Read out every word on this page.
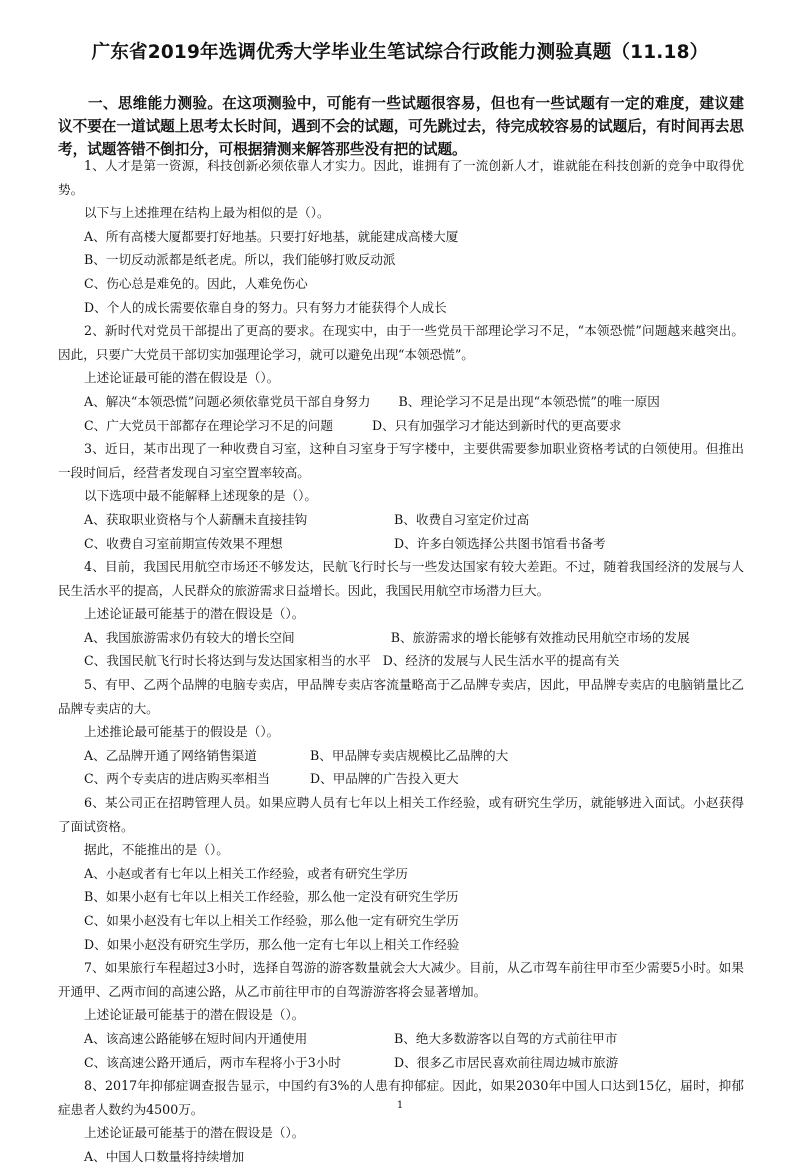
广东省2019年选调优秀大学毕业生笔试综合行政能力测验真题（11.18）

一、思维能力测验。在这项测验中，可能有一些试题很容易，但也有一些试题有一定的难度，建议建议不要在一道试题上思考太长时间，遇到不会的试题，可先跳过去，待完成较容易的试题后，有时间再去思考，试题答错不倒扣分，可根据猜测来解答那些没有把的试题。

1、人才是第一资源，科技创新必须依靠人才实力。因此，谁拥有了一流创新人才，谁就能在科技创新的竞争中取得优势。

以下与上述推理在结构上最为相似的是（）。

A、所有高楼大厦都要打好地基。只要打好地基，就能建成高楼大厦

B、一切反动派都是纸老虎。所以，我们能够打败反动派

C、伤心总是难免的。因此，人难免伤心

D、个人的成长需要依靠自身的努力。只有努力才能获得个人成长

2、新时代对党员干部提出了更高的要求。在现实中，由于一些党员干部理论学习不足，“本领恐慌”问题越来越突出。因此，只要广大党员干部切实加强理论学习，就可以避免出现“本领恐慌”。

上述论证最可能的潜在假设是（）。

A、解决“本领恐慌”问题必须依靠党员干部自身努力 B、理论学习不足是出现“本领恐慌”的唯一原因

C、广大党员干部都存在理论学习不足的问题	D、只有加强学习才能达到新时代的更高要求

3、近日，某市出现了一种收费自习室，这种自习室身于写字楼中，主要供需要参加职业资格考试的白领使用。但推出一段时间后，经营者发现自习室空置率较高。

以下选项中最不能解释上述现象的是（）。

A、获取职业资格与个人薪酬未直接挂钩	B、收费自习室定价过高
C、收费自习室前期宣传效果不理想	D、许多白领选择公共图书馆看书备考

4、目前，我国民用航空市场还不够发达，民航飞行时长与一些发达国家有较大差距。不过，随着我国经济的发展与人民生活水平的提高，人民群众的旅游需求日益增长。因此，我国民用航空市场潜力巨大。

上述论证最可能基于的潜在假设是（）。

A、我国旅游需求仍有较大的增长空间	B、旅游需求的增长能够有效推动民用航空市场的发展

C、我国民航飞行时长将达到与发达国家相当的水平 D、经济的发展与人民生活水平的提高有关

5、有甲、乙两个品牌的电脑专卖店，甲品牌专卖店客流量略高于乙品牌专卖店，因此，甲品牌专卖店的电脑销量比乙品牌专卖店的大。

上述推论最可能基于的假设是（）。

A、乙品牌开通了网络销售渠道	B、甲品牌专卖店规模比乙品牌的大
C、两个专卖店的进店购买率相当	D、甲品牌的广告投入更大

6、某公司正在招聘管理人员。如果应聘人员有七年以上相关工作经验，或有研究生学历，就能够进入面试。小赵获得了面试资格。

据此，不能推出的是（）。

A、小赵或者有七年以上相关工作经验，或者有研究生学历

B、如果小赵有七年以上相关工作经验，那么他一定没有研究生学历

C、如果小赵没有七年以上相关工作经验，那么他一定有研究生学历

D、如果小赵没有研究生学历，那么他一定有七年以上相关工作经验

7、如果旅行车程超过3小时，选择自驾游的游客数量就会大大减少。目前，从乙市驾车前往甲市至少需要5小时。如果开通甲、乙两市间的高速公路，从乙市前往甲市的自驾游游客将会显著增加。

上述论证最可能基于的潜在假设是（）。

A、该高速公路能够在短时间内开通使用	B、绝大多数游客以自驾的方式前往甲市
C、该高速公路开通后，两市车程将小于3小时	D、很多乙市居民喜欢前往周边城市旅游

8、2017年抑郁症调查报告显示，中国约有3%的人患有抑郁症。因此，如果2030年中国人口达到15亿，届时，抑郁症患者人数约为4500万。

上述论证最可能基于的潜在假设是（）。

A、中国人口数量将持续增加

1
